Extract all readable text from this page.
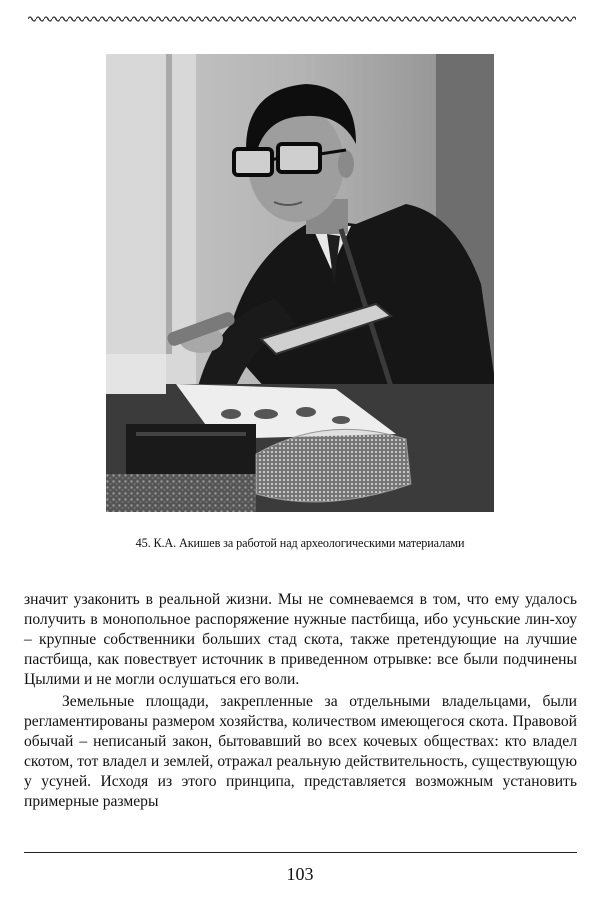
45. К.А. Акишев за работой над археологическими материалами

значит узаконить в реальной жизни. Мы не сомневаемся в том, что ему удалось получить в монопольное распоряжение нужные пастбища, ибо усуньские лин-хоу – крупные собственники больших стад скота, также претендующие на лучшие пастбища, как повествует источник в приведенном отрывке: все были подчинены Цылими и не могли ослушаться его воли.

Земельные площади, закрепленные за отдельными владельцами, были регламентированы размером хозяйства, количеством имеющегося скота. Правовой обычай – неписаный закон, бытовавший во всех кочевых обществах: кто владел скотом, тот владел и землей, отражал реальную действительность, существующую у усуней. Исходя из этого принципа, представляется возможным установить примерные размеры

103
